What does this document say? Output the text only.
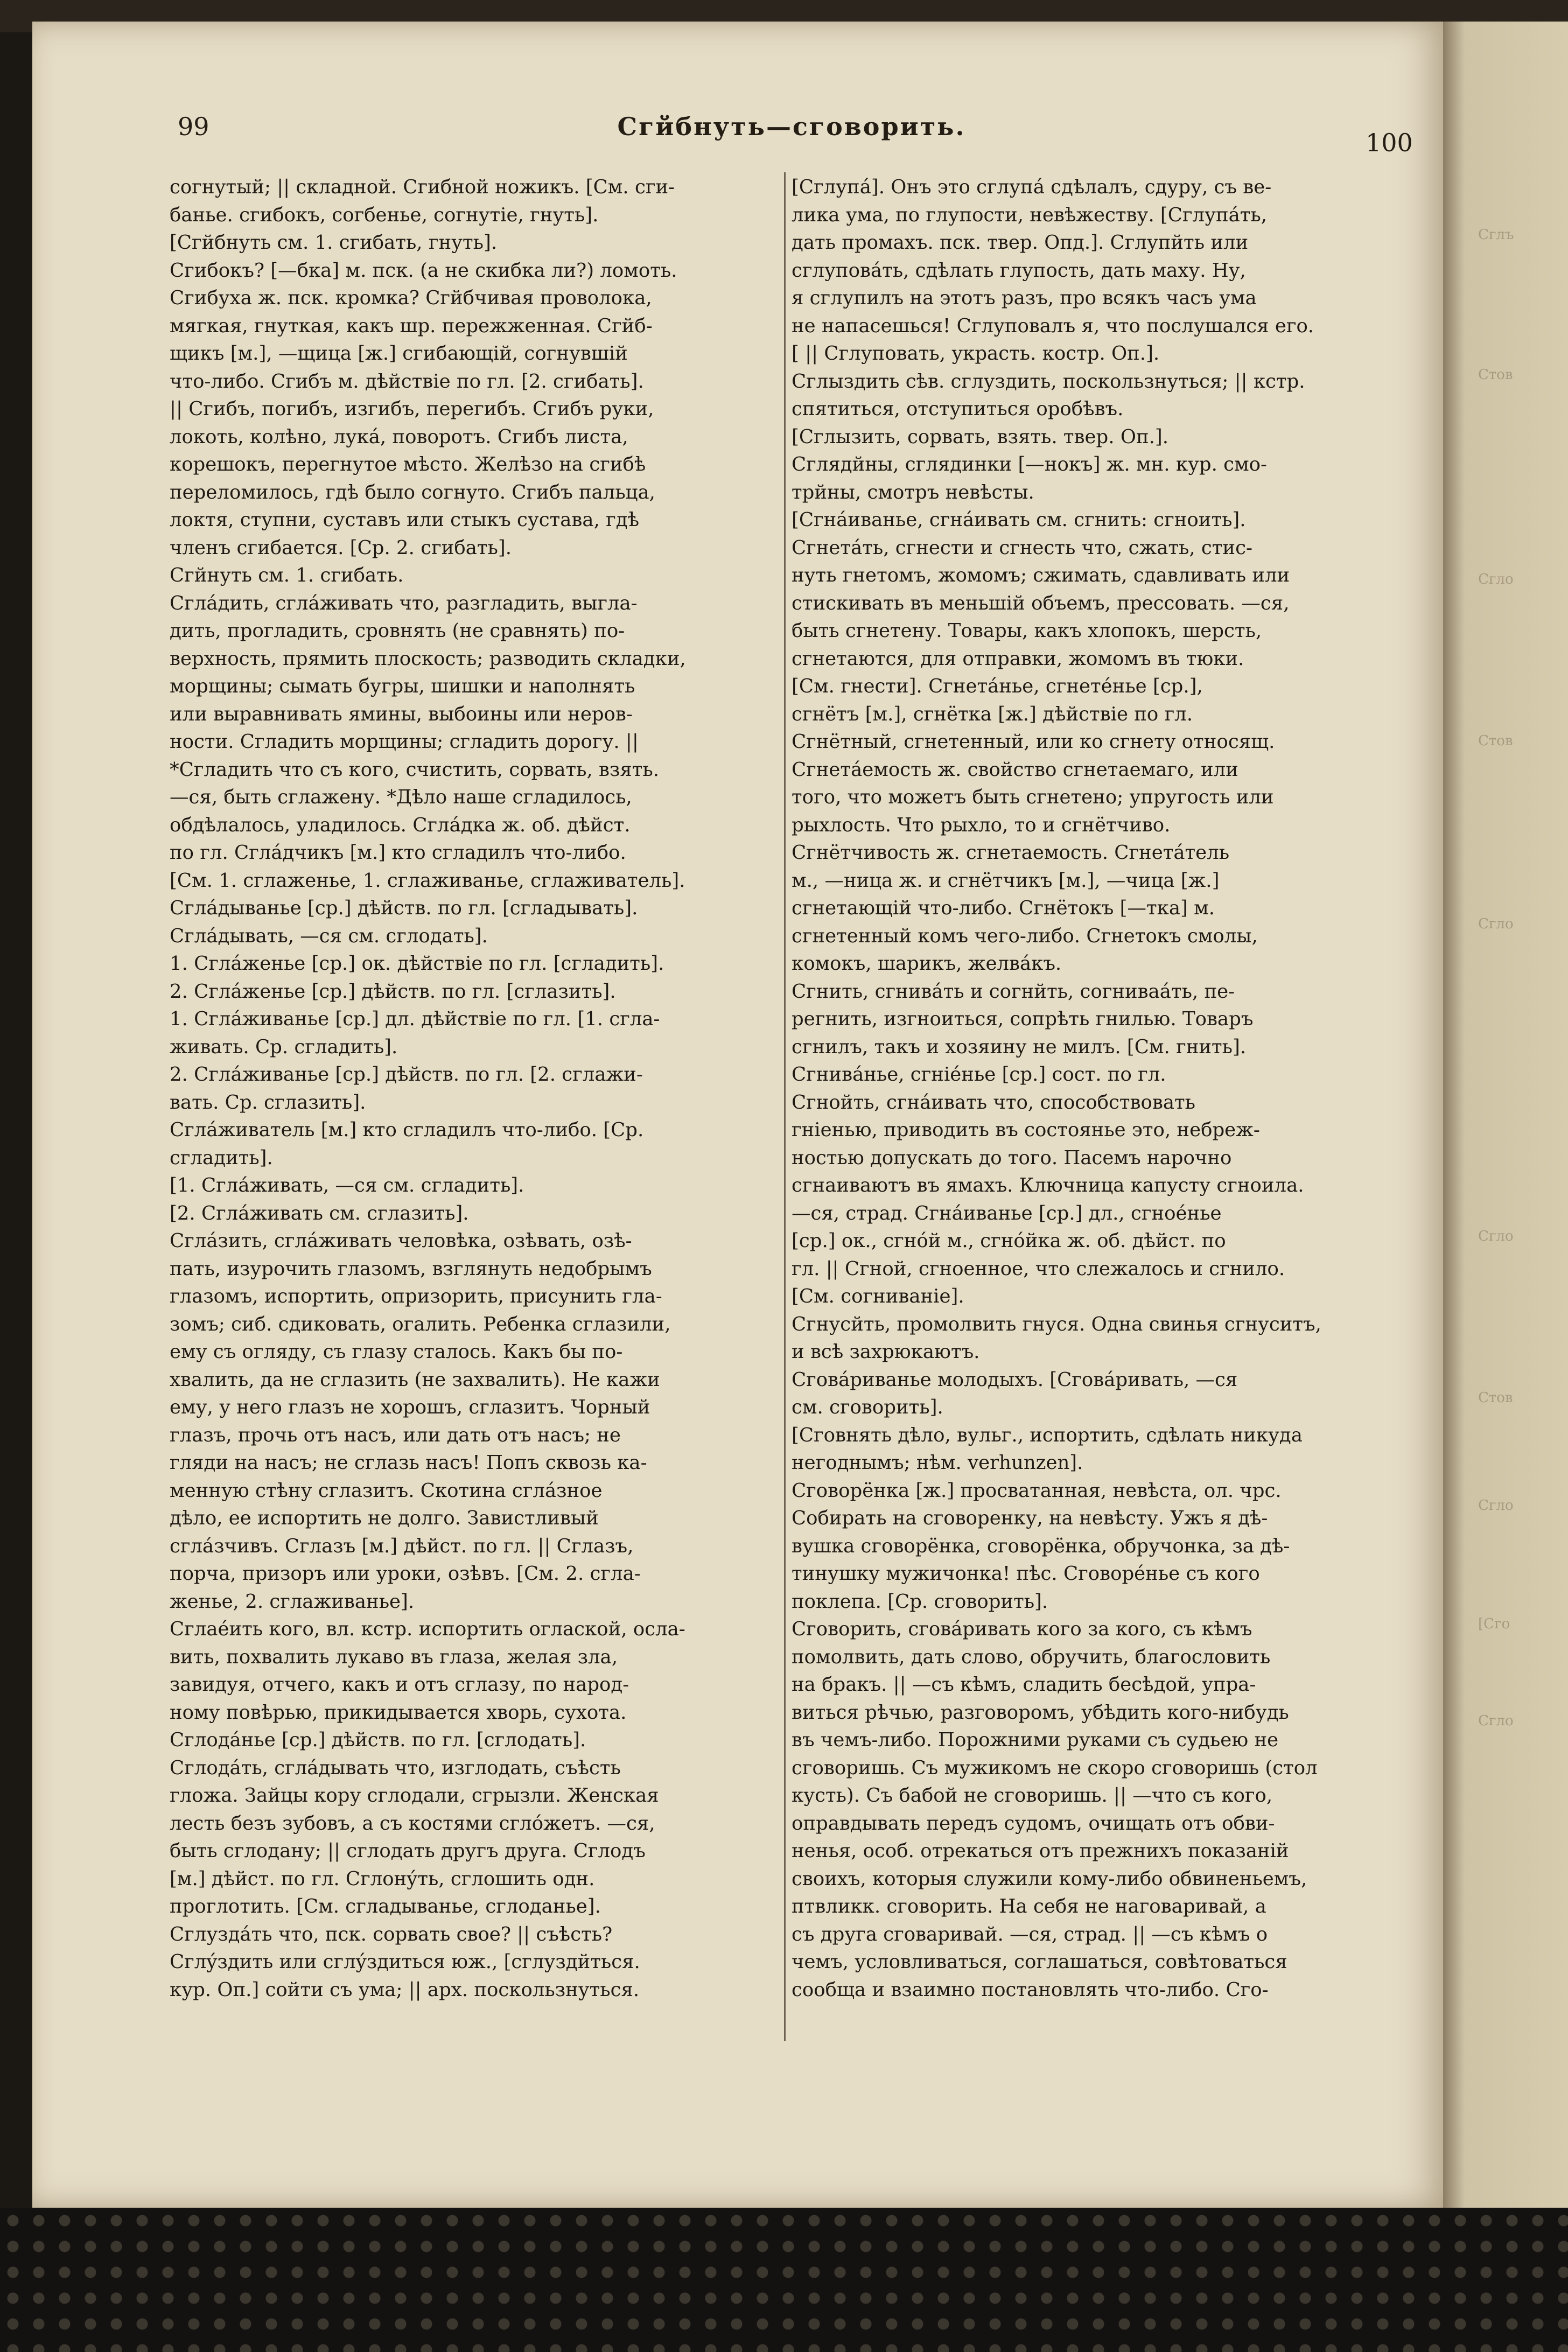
Сглъ
Стов
Сгло
Стов
Сгло
Сгло
Стов
Сгло
[Сго
Сгло
99	Сгйбнуть—сговорить.
100
согнутый; || складной. Сгибной ножикъ. [См. сги-
банье. сгибокъ, согбенье, согнутіе, гнуть].
[Сгйбнуть см. 1. сгибать, гнуть].
Сгибокъ? [—бка] м. пск. (а не скибка ли?) ломоть.
Сгибуха ж. пск. кромка? Сгйбчивая проволока,
мягкая, гнуткая, какъ шр. пережженная. Сгйб-
щикъ [м.], —щица [ж.] сгибающій, согнувшій
что-либо. Сгибъ м. дѣйствіе по гл. [2. сгибать].
|| Сгибъ, погибъ, изгибъ, перегибъ. Сгибъ руки,
локоть, колѣно, лукá, поворотъ. Сгибъ листа,
корешокъ, перегнутое мѣсто. Желѣзо на сгибѣ
переломилось, гдѣ было согнуто. Сгибъ пальца,
локтя, ступни, суставъ или стыкъ сустава, гдѣ
членъ сгибается. [Ср. 2. сгибать].
Сгйнуть см. 1. сгибать.
Сглáдить, сглáживать что, разгладить, выгла-
дить, прогладить, сровнять (не сравнять) по-
верхность, прямить плоскость; разводить складки,
морщины; сымать бугры, шишки и наполнять
или выравнивать ямины, выбоины или неров-
ности. Сгладить морщины; сгладить дорогу. ||
*Сгладить что съ кого, счистить, сорвать, взять.
—ся, быть сглажену. *Дѣло наше сгладилось,
обдѣлалось, уладилось. Сглáдка ж. об. дѣйст.
по гл. Сглáдчикъ [м.] кто сгладилъ что-либо.
[См. 1. сглаженье, 1. сглаживанье, сглаживатель].
Сглáдыванье [ср.] дѣйств. по гл. [сглaдывать].
Сглáдывать, —ся см. сглодать].
1. Сглáженье [ср.] ок. дѣйствіе по гл. [сгладить].
2. Сглáженье [ср.] дѣйств. по гл. [сглазить].
1. Сглáживанье [ср.] дл. дѣйствіе по гл. [1. сгла-
живать. Ср. сгладить].
2. Сглáживанье [ср.] дѣйств. по гл. [2. сглажи-
вать. Ср. сглазить].
Сглáживатель [м.] кто сгладилъ что-либо. [Ср.
сгладить].
[1. Сглáживать, —ся см. сгладить].
[2. Сглáживать см. сглазить].
Сглáзить, сглáживать человѣка, озѣвать, озѣ-
пать, изурочить глазомъ, взглянуть недобрымъ
глазомъ, испортить, опризорить, присунить гла-
зомъ; сиб. сдиковать, огалить. Ребенка сглазили,
ему съ огляду, съ глазу сталось. Какъ бы по-
хвалить, да не сглазить (не захвалить). Не кажи
ему, у него глазъ не хорошъ, сглазитъ. Чорный
глазъ, прочь отъ насъ, или дать отъ насъ; не
гляди на насъ; не сглазь насъ! Попъ сквозь ка-
менную стѣну сглазитъ. Скотина сглáзное
дѣло, ее испортить не долго. Завистливый
сглáзчивъ. Сглазъ [м.] дѣйст. по гл. || Сглазъ,
порча, призоръ или уроки, озѣвъ. [См. 2. сгла-
женье, 2. сглаживанье].
Сглаéить кого, вл. кстр. испортить оглаской, осла-
вить, похвалить лукаво въ глаза, желая зла,
завидуя, отчего, какъ и отъ сглазу, по народ-
ному повѣрью, прикидывается хворь, сухота.
Сглодáнье [ср.] дѣйств. по гл. [сглодать].
Сглодáть, сглáдывать что, изглодать, съѣсть
гложа. Зайцы кору сглодали, сгрызли. Женская
лесть безъ зубовъ, а съ костями сглóжетъ. —ся,
быть сглодану; || сглодать другъ друга. Сглодъ
[м.] дѣйст. по гл. Сглонýть, сглошить одн.
проглотить. [См. сглaдыванье, сглоданье].
Сглуздáть что, пск. сорвать свое? || съѣсть?
Сглýздить или сглýздиться юж., [сглуздйться.
кур. Оп.] сойти съ ума; || арх. поскользнуться.
[Сглупá]. Онъ это сглупá сдѣлалъ, сдуру, съ ве-
лика ума, по глупости, невѣжеству. [Сглупáть,
дать промахъ. пск. твер. Опд.]. Сглупйть или
сглуповáть, сдѣлать глупость, дать маху. Ну,
я сглупилъ на этотъ разъ, про всякъ часъ ума
не напасешься! Сглуповалъ я, что послушался его.
[ || Сглуповать, украсть. костр. Оп.].
Сглыздить сѣв. сглуздить, поскользнуться; || кстр.
спятиться, отступиться оробѣвъ.
[Сглызить, сорвать, взять. твер. Оп.].
Сглядйны, сглядинки [—нокъ] ж. мн. кур. смо-
трйны, смотръ невѣсты.
[Сгнáиванье, сгнáивать см. сгнить: сгноить].
Сгнетáть, сгнести и сгнесть что, сжать, стис-
нуть гнетомъ, жомомъ; сжимать, сдавливать или
стискивать въ меньшій объемъ, прессовать. —ся,
быть сгнетену. Товары, какъ хлопокъ, шерсть,
сгнетаются, для отправки, жомомъ въ тюки.
[См. гнести]. Сгнетáнье, сгнетéнье [ср.],
сгнётъ [м.], сгнётка [ж.] дѣйствіе по гл.
Сгнётный, сгнетенный, или ко сгнету относящ.
Сгнетáемость ж. свойство сгнетаемаго, или
того, что можетъ быть сгнетено; упругость или
рыхлость. Что рыхло, то и сгнётчиво.
Сгнётчивость ж. сгнетаемость. Сгнетáтель
м., —ница ж. и сгнётчикъ [м.], —чица [ж.]
сгнетающій что-либо. Сгнётокъ [—тка] м.
сгнетенный комъ чего-либо. Сгнетокъ смолы,
комокъ, шарикъ, желвáкъ.
Сгнить, сгнивáть и согнйть, согниваáть, пе-
регнить, изгноиться, сопрѣть гнилью. Товаръ
сгнилъ, такъ и хозяину не милъ. [См. гнить].
Сгнивáнье, сгнiéнье [ср.] сост. по гл.
Сгнойть, сгнáивать что, способствовать
гніенью, приводить въ состоянье это, небреж-
ностью допускать до того. Пасемъ нарочно
сгнаиваютъ въ ямахъ. Ключница капусту сгноила.
—ся, страд. Сгнáиванье [ср.] дл., сгноéнье
[ср.] ок., сгнóй м., сгнóйка ж. об. дѣйст. по
гл. || Сгной, сгноенное, что слежалось и сгнило.
[См. согниванiе].
Сгнусйть, промолвить гнуся. Одна свинья сгнуситъ,
и всѣ захрюкаютъ.
Сговáриванье молодыхъ. [Сговáривать, —ся
см. сговорить].
[Сговнять дѣло, вульг., испортить, сдѣлать никуда
негоднымъ; нѣм. verhunzen].
Сговорёнка [ж.] просватанная, невѣста, ол. чрс.
Собирать на сговоренку, на невѣсту. Ужъ я дѣ-
вушка сговорёнка, сговорёнка, обручонка, за дѣ-
тинушку мужичонка! пѣс. Сговорéнье съ кого
поклепа. [Ср. сговорить].
Сговорить, сговáривать кого за кого, съ кѣмъ
помолвить, дать слово, обручить, благословить
на бракъ. || —съ кѣмъ, сладить бесѣдой, упра-
виться рѣчью, разговоромъ, убѣдить кого-нибудь
въ чемъ-либо. Порожними руками съ судьею не
сговоришь. Съ мужикомъ не скоро сговоришь (стол
кусть). Съ бабой не сговоришь. || —что съ кого,
оправдывать передъ судомъ, очищать отъ обви-
ненья, особ. отрекаться отъ прежнихъ показаній
своихъ, которыя служили кому-либо обвиненьемъ,
птвликк. сговорить. На себя не наговаривай, а
съ друга сговаривай. —ся, страд. || —съ кѣмъ о
чемъ, условливаться, соглашаться, совѣтоваться
сообща и взаимно постановлять что-либо. Сго-
